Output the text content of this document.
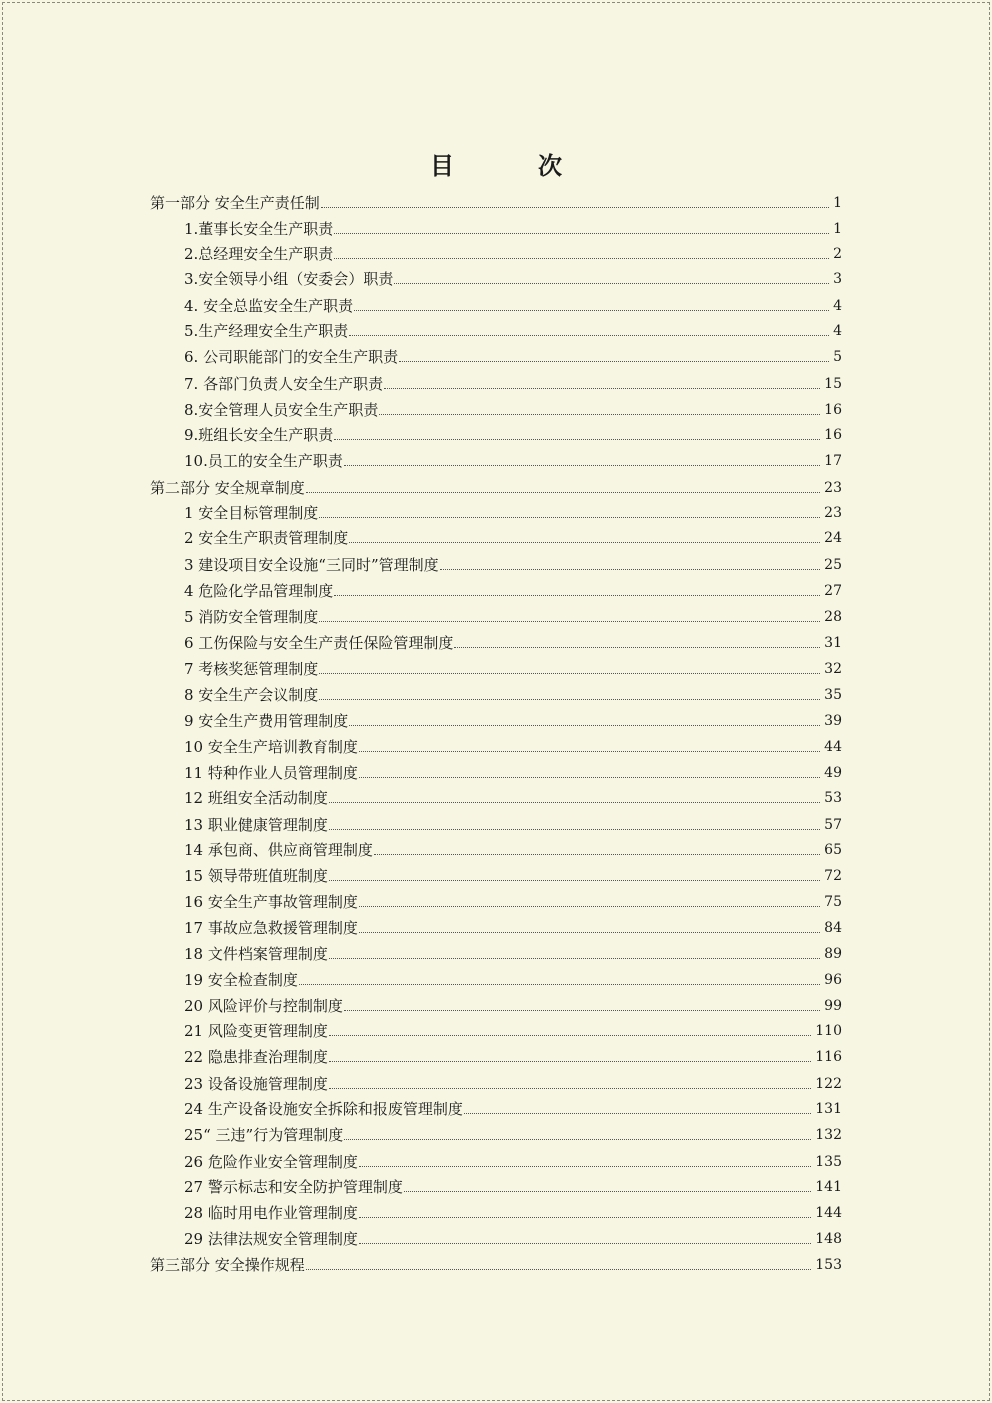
目　次
第一部分 安全生产责任制	1
1.董事长安全生产职责	1
2.总经理安全生产职责	2
3.安全领导小组（安委会）职责	3
4. 安全总监安全生产职责	4
5.生产经理安全生产职责	4
6. 公司职能部门的安全生产职责	5
7. 各部门负责人安全生产职责	15
8.安全管理人员安全生产职责	16
9.班组长安全生产职责	16
10.员工的安全生产职责	17
第二部分 安全规章制度	23
1 安全目标管理制度	23
2 安全生产职责管理制度	24
3 建设项目安全设施“三同时”管理制度	25
4 危险化学品管理制度	27
5 消防安全管理制度	28
6 工伤保险与安全生产责任保险管理制度	31
7 考核奖惩管理制度	32
8 安全生产会议制度	35
9 安全生产费用管理制度	39
10 安全生产培训教育制度	44
11 特种作业人员管理制度	49
12 班组安全活动制度	53
13 职业健康管理制度	57
14 承包商、供应商管理制度	65
15 领导带班值班制度	72
16 安全生产事故管理制度	75
17 事故应急救援管理制度	84
18 文件档案管理制度	89
19 安全检查制度	96
20 风险评价与控制制度	99
21 风险变更管理制度	110
22 隐患排查治理制度	116
23 设备设施管理制度	122
24 生产设备设施安全拆除和报废管理制度	131
25“ 三违”行为管理制度	132
26 危险作业安全管理制度	135
27 警示标志和安全防护管理制度	141
28 临时用电作业管理制度	144
29 法律法规安全管理制度	148
第三部分 安全操作规程	153
